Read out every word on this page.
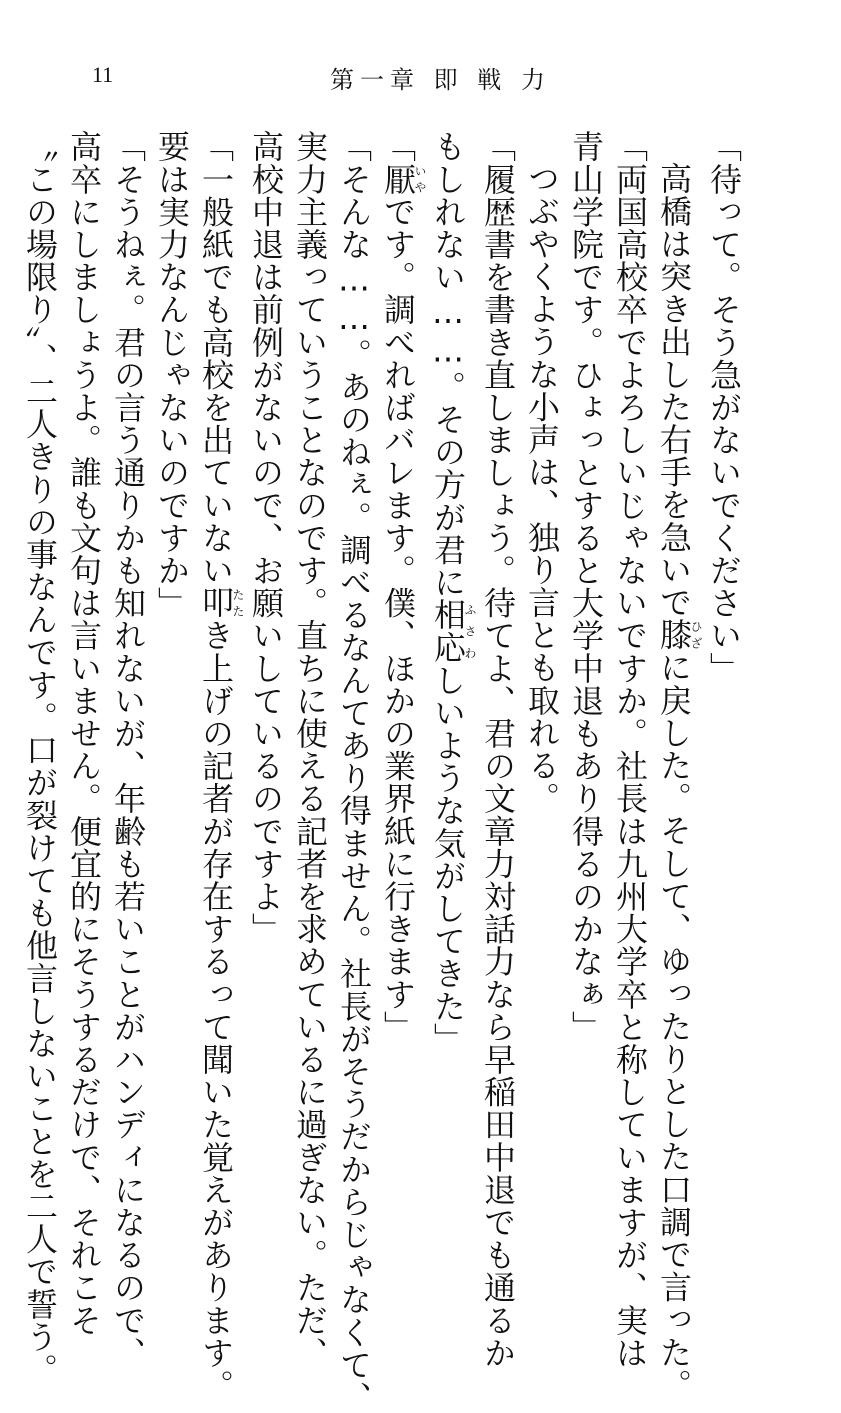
11	第一章 即 戦 力
「待って。そう急がないでください」
高橋は突き出した右手を急いで膝ひざに戻した。そして、ゆったりとした口調で言った。
「両国高校卒でよろしいじゃないですか。社長は九州大学卒と称していますが、実は
青山学院です。ひょっとすると大学中退もあり得るのかなぁ」
つぶやくような小声は、独り言とも取れる。
「履歴書を書き直しましょう。待てよ、君の文章力対話力なら早稲田中退でも通るか
もしれない……。その方が君に相応ふさわしいような気がしてきた」
「厭いやです。調べればバレます。僕、ほかの業界紙に行きます」
「そんな……。あのねぇ。調べるなんてあり得ません。社長がそうだからじゃなくて、
実力主義っていうことなのです。直ちに使える記者を求めているに過ぎない。ただ、
高校中退は前例がないので、お願いしているのですよ」
「一般紙でも高校を出ていない叩たたき上げの記者が存在するって聞いた覚えがあります。
要は実力なんじゃないのですか」
「そうねぇ。君の言う通りかも知れないが、年齢も若いことがハンディになるので、
高卒にしましょうよ。誰も文句は言いません。便宜的にそうするだけで、それこそ
〝この場限り〟、二人きりの事なんです。口が裂けても他言しないことを二人で誓う。
